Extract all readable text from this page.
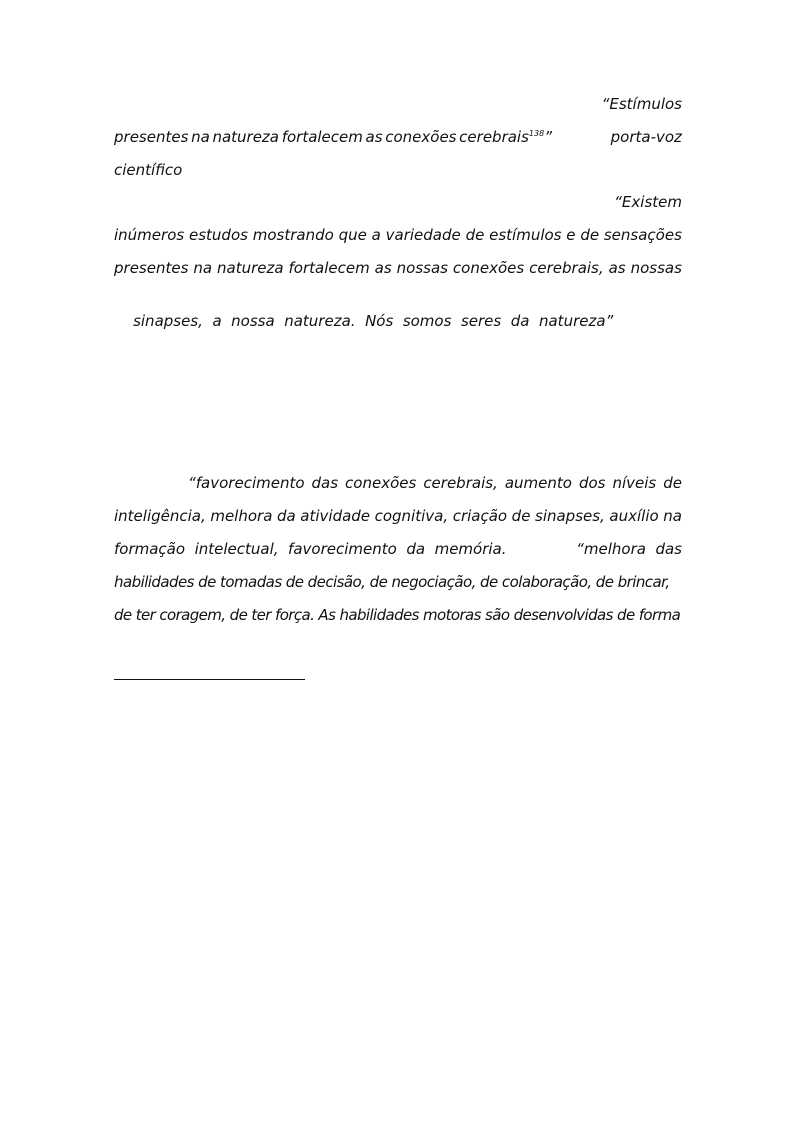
“Estímulos
presentes na natureza fortalecem as conexões cerebrais$^{138}$”	porta-voz
científico
“Existem
inúmeros estudos mostrando que a variedade de estímulos e de sensações
presentes na natureza fortalecem as nossas conexões cerebrais, as nossas

sinapses,  a  nossa  natureza.  Nós  somos  seres  da  natureza”

“favorecimento das conexões cerebrais, aumento dos níveis de
inteligência, melhora da atividade cognitiva, criação de sinapses, auxílio na
formação  intelectual,  favorecimento  da  memória.	“melhora  das
habilidades de tomadas de decisão, de negociação, de colaboração, de brincar,
de ter coragem, de ter força. As habilidades motoras são desenvolvidas de forma
